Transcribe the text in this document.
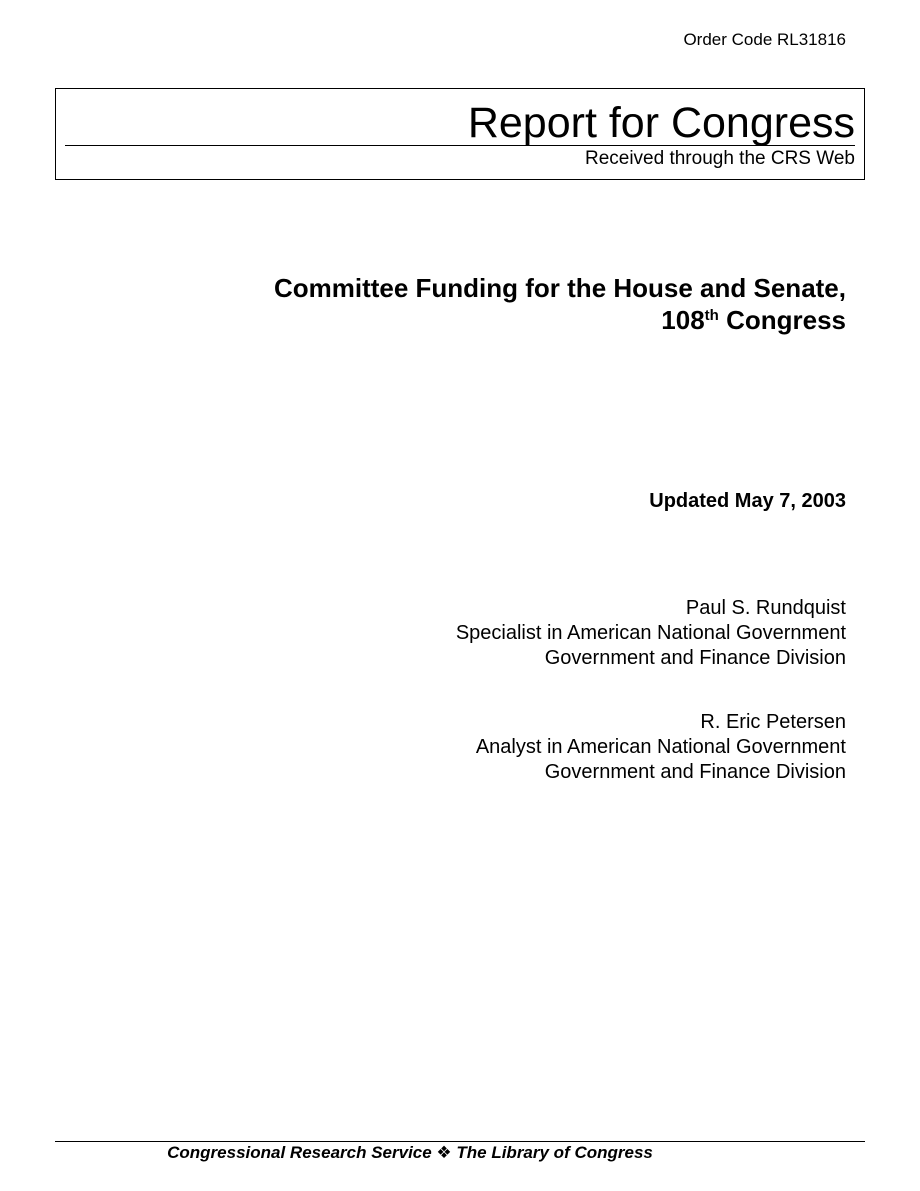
Order Code RL31816
Report for Congress
Received through the CRS Web
Committee Funding for the House and Senate,
108th Congress
Updated May 7, 2003
Paul S. Rundquist
Specialist in American National Government
Government and Finance Division
R. Eric Petersen
Analyst in American National Government
Government and Finance Division
Congressional Research Service ❖ The Library of Congress
